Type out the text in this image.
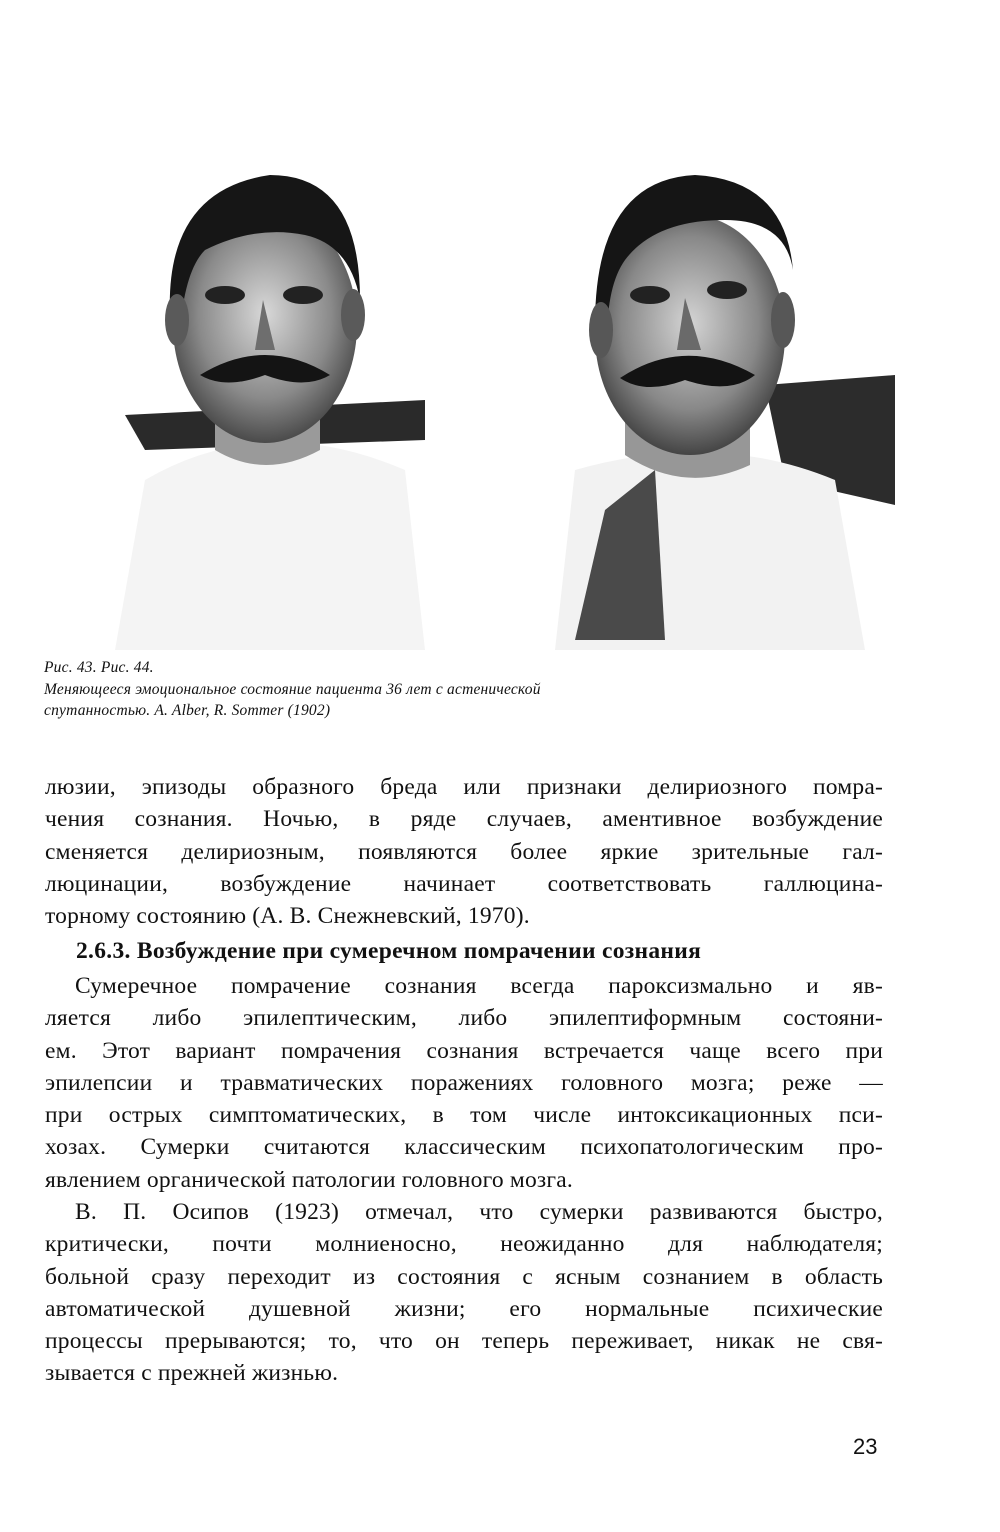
Рис. 43. Рис. 44.
Меняющееся эмоциональное состояние пациента 36 лет с астенической
спутанностью. A. Alber, R. Sommer (1902)
люзии, эпизоды образного бреда или признаки делириозного помра-
чения сознания. Ночью, в ряде случаев, аментивное возбуждение
сменяется делириозным, появляются более яркие зрительные гал-
люцинации, возбуждение начинает соответствовать галлюцина-
торному состоянию (А. В. Снежневский, 1970).
2.6.3. Возбуждение при сумеречном помрачении сознания
Сумеречное помрачение сознания всегда пароксизмально и яв-
ляется либо эпилептическим, либо эпилептиформным состояни-
ем. Этот вариант помрачения сознания встречается чаще всего при
эпилепсии и травматических поражениях головного мозга; реже —
при острых симптоматических, в том числе интоксикационных пси-
хозах. Сумерки считаются классическим психопатологическим про-
явлением органической патологии головного мозга.
В. П. Осипов (1923) отмечал, что сумерки развиваются быстро,
критически, почти молниеносно, неожиданно для наблюдателя;
больной сразу переходит из состояния с ясным сознанием в область
автоматической душевной жизни; его нормальные психические
процессы прерываются; то, что он теперь переживает, никак не свя-
зывается с прежней жизнью.
23
